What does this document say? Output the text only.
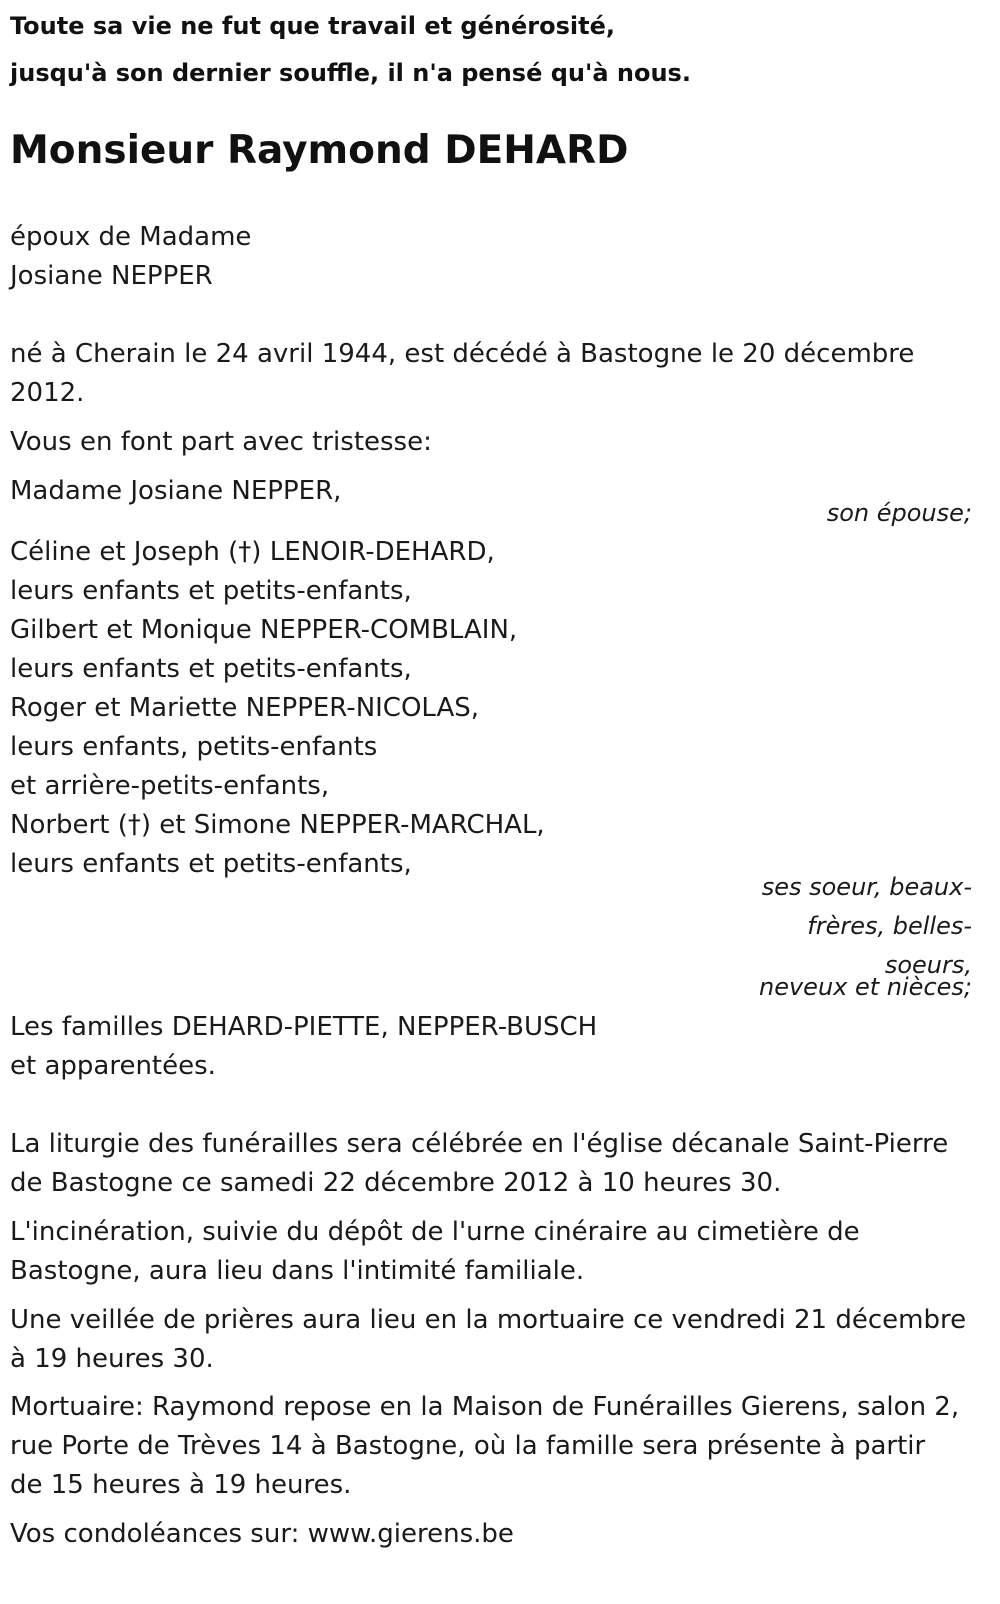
Toute sa vie ne fut que travail et générosité,
jusqu'à son dernier souffle, il n'a pensé qu'à nous.
Monsieur Raymond DEHARD
époux de Madame
Josiane NEPPER
né à Cherain le 24 avril 1944, est décédé à Bastogne le 20 décembre
2012.
Vous en font part avec tristesse:
Madame Josiane NEPPER,
son épouse;
Céline et Joseph (†) LENOIR-DEHARD,
leurs enfants et petits-enfants,
Gilbert et Monique NEPPER-COMBLAIN,
leurs enfants et petits-enfants,
Roger et Mariette NEPPER-NICOLAS,
leurs enfants, petits-enfants
et arrière-petits-enfants,
Norbert (†) et Simone NEPPER-MARCHAL,
leurs enfants et petits-enfants,
ses soeur, beaux-
frères, belles-
soeurs,
neveux et nièces;
Les familles DEHARD-PIETTE, NEPPER-BUSCH
et apparentées.
La liturgie des funérailles sera célébrée en l'église décanale Saint-Pierre
de Bastogne ce samedi 22 décembre 2012 à 10 heures 30.
L'incinération, suivie du dépôt de l'urne cinéraire au cimetière de
Bastogne, aura lieu dans l'intimité familiale.
Une veillée de prières aura lieu en la mortuaire ce vendredi 21 décembre
à 19 heures 30.
Mortuaire: Raymond repose en la Maison de Funérailles Gierens, salon 2,
rue Porte de Trèves 14 à Bastogne, où la famille sera présente à partir
de 15 heures à 19 heures.
Vos condoléances sur: www.gierens.be
